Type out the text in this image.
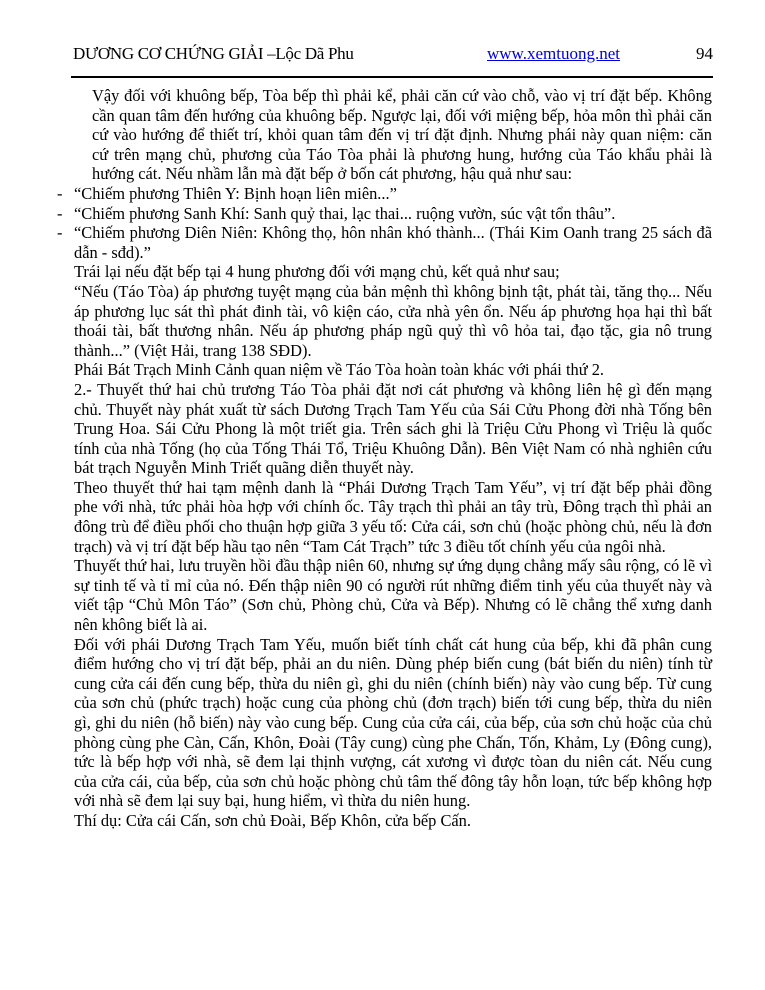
DƯƠNG CƠ CHỨNG GIẢI –Lộc Dã Phu	www.xemtuong.net	94

Vậy đối với khuông bếp, Tòa bếp thì phải kể, phải căn cứ vào chỗ, vào vị trí đặt bếp. Không cần quan tâm đến hướng của khuông bếp. Ngược lại, đối với miệng bếp, hỏa môn thì phải căn cứ vào hướng để thiết trí, khỏi quan tâm đến vị trí đặt định. Nhưng phái này quan niệm: căn cứ trên mạng chủ, phương của Táo Tòa phải là phương hung, hướng của Táo khẩu phải là hướng cát. Nếu nhầm lẫn mà đặt bếp ở bốn cát phương, hậu quả như sau:

- “Chiếm phương Thiên Y: Bịnh hoạn liên miên...”
- “Chiếm phương Sanh Khí: Sanh quỷ thai, lạc thai... ruộng vườn, súc vật tổn thâu”.
- “Chiếm phương Diên Niên: Không thọ, hôn nhân khó thành... (Thái Kim Oanh trang 25 sách đã dẫn - sđd).”

Trái lại nếu đặt bếp tại 4 hung phương đối với mạng chủ, kết quả như sau;

“Nếu (Táo Tòa) áp phương tuyệt mạng của bản mệnh thì không bịnh tật, phát tài, tăng thọ... Nếu áp phương lục sát thì phát đinh tài, vô kiện cáo, cửa nhà yên ổn. Nếu áp phương họa hại thì bất thoái tài, bất thương nhân. Nếu áp phương pháp ngũ quỷ thì vô hỏa tai, đạo tặc, gia nô trung thành...” (Việt Hải, trang 138 SĐD).

Phái Bát Trạch Minh Cảnh quan niệm về Táo Tòa hoàn toàn khác với phái thứ 2.

2.- Thuyết thứ hai chủ trương Táo Tòa phải đặt nơi cát phương và không liên hệ gì đến mạng chủ. Thuyết này phát xuất từ sách Dương Trạch Tam Yếu của Sái Cửu Phong đời nhà Tống bên Trung Hoa. Sái Cửu Phong là một triết gia. Trên sách ghi là Triệu Cửu Phong vì Triệu là quốc tính của nhà Tống (họ của Tống Thái Tổ, Triệu Khuông Dẫn). Bên Việt Nam có nhà nghiên cứu bát trạch Nguyễn Minh Triết quãng diễn thuyết này.

Theo thuyết thứ hai tạm mệnh danh là “Phái Dương Trạch Tam Yếu”, vị trí đặt bếp phải đồng phe với nhà, tức phải hòa hợp với chính ốc. Tây trạch thì phải an tây trù, Đông trạch thì phải an đông trù để điều phối cho thuận hợp giữa 3 yếu tố: Cửa cái, sơn chủ (hoặc phòng chủ, nếu là đơn trạch) và vị trí đặt bếp hầu tạo nên “Tam Cát Trạch” tức 3 điều tốt chính yếu của ngôi nhà.

Thuyết thứ hai, lưu truyền hồi đầu thập niên 60, nhưng sự ứng dụng chẳng mấy sâu rộng, có lẽ vì sự tinh tế và tỉ mỉ của nó. Đến thập niên 90 có người rút những điểm tinh yếu của thuyết này và viết tập “Chủ Môn Táo” (Sơn chủ, Phòng chủ, Cửa và Bếp). Nhưng có lẽ chẳng thể xưng danh nên không biết là ai.

Đối với phái Dương Trạch Tam Yếu, muốn biết tính chất cát hung của bếp, khi đã phân cung điểm hướng cho vị trí đặt bếp, phải an du niên. Dùng phép biến cung (bát biến du niên) tính từ cung cửa cái đến cung bếp, thừa du niên gì, ghi du niên (chính biến) này vào cung bếp. Từ cung của sơn chủ (phức trạch) hoặc cung của phòng chủ (đơn trạch) biến tới cung bếp, thừa du niên gì, ghi du niên (hỗ biến) này vào cung bếp. Cung của cửa cái, của bếp, của sơn chủ hoặc của chủ phòng cùng phe Càn, Cấn, Khôn, Đoài (Tây cung) cùng phe Chấn, Tốn, Khảm, Ly (Đông cung), tức là bếp hợp với nhà, sẽ đem lại thịnh vượng, cát xương vì được tòan du niên cát. Nếu cung của cửa cái, của bếp, của sơn chủ hoặc phòng chủ tâm thế đông tây hỗn loạn, tức bếp không hợp với nhà sẽ đem lại suy bại, hung hiểm, vì thừa du niên hung.

Thí dụ: Cửa cái Cấn, sơn chủ Đoài, Bếp Khôn, cửa bếp Cấn.
